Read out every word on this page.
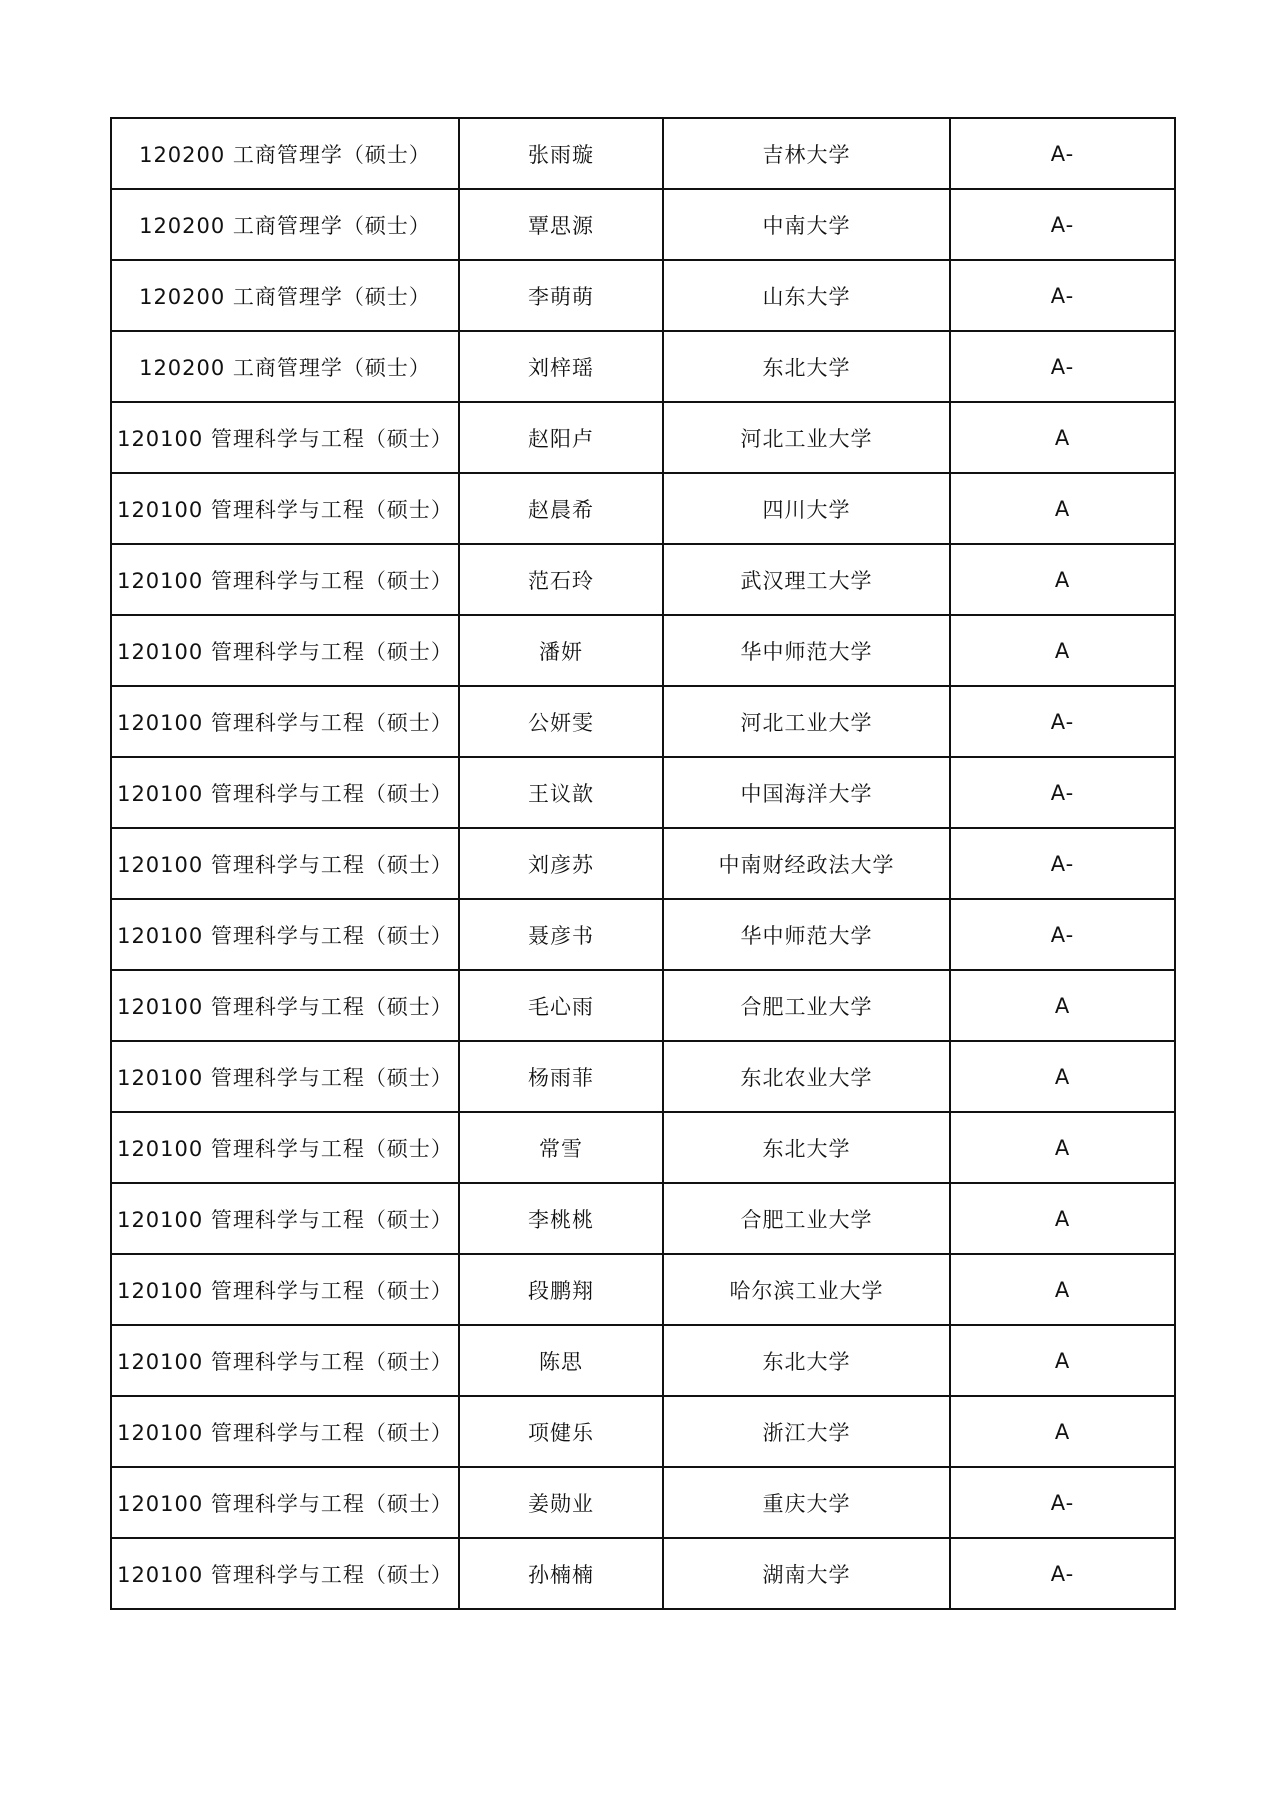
120200 工商管理学（硕士）	张雨璇	吉林大学	A-
120200 工商管理学（硕士）	覃思源	中南大学	A-
120200 工商管理学（硕士）	李萌萌	山东大学	A-
120200 工商管理学（硕士）	刘梓瑶	东北大学	A-
120100 管理科学与工程（硕士）	赵阳卢	河北工业大学	A
120100 管理科学与工程（硕士）	赵晨希	四川大学	A
120100 管理科学与工程（硕士）	范石玲	武汉理工大学	A
120100 管理科学与工程（硕士）	潘妍	华中师范大学	A
120100 管理科学与工程（硕士）	公妍雯	河北工业大学	A-
120100 管理科学与工程（硕士）	王议歆	中国海洋大学	A-
120100 管理科学与工程（硕士）	刘彦苏	中南财经政法大学	A-
120100 管理科学与工程（硕士）	聂彦书	华中师范大学	A-
120100 管理科学与工程（硕士）	毛心雨	合肥工业大学	A
120100 管理科学与工程（硕士）	杨雨菲	东北农业大学	A
120100 管理科学与工程（硕士）	常雪	东北大学	A
120100 管理科学与工程（硕士）	李桃桃	合肥工业大学	A
120100 管理科学与工程（硕士）	段鹏翔	哈尔滨工业大学	A
120100 管理科学与工程（硕士）	陈思	东北大学	A
120100 管理科学与工程（硕士）	项健乐	浙江大学	A
120100 管理科学与工程（硕士）	姜勋业	重庆大学	A-
120100 管理科学与工程（硕士）	孙楠楠	湖南大学	A-
